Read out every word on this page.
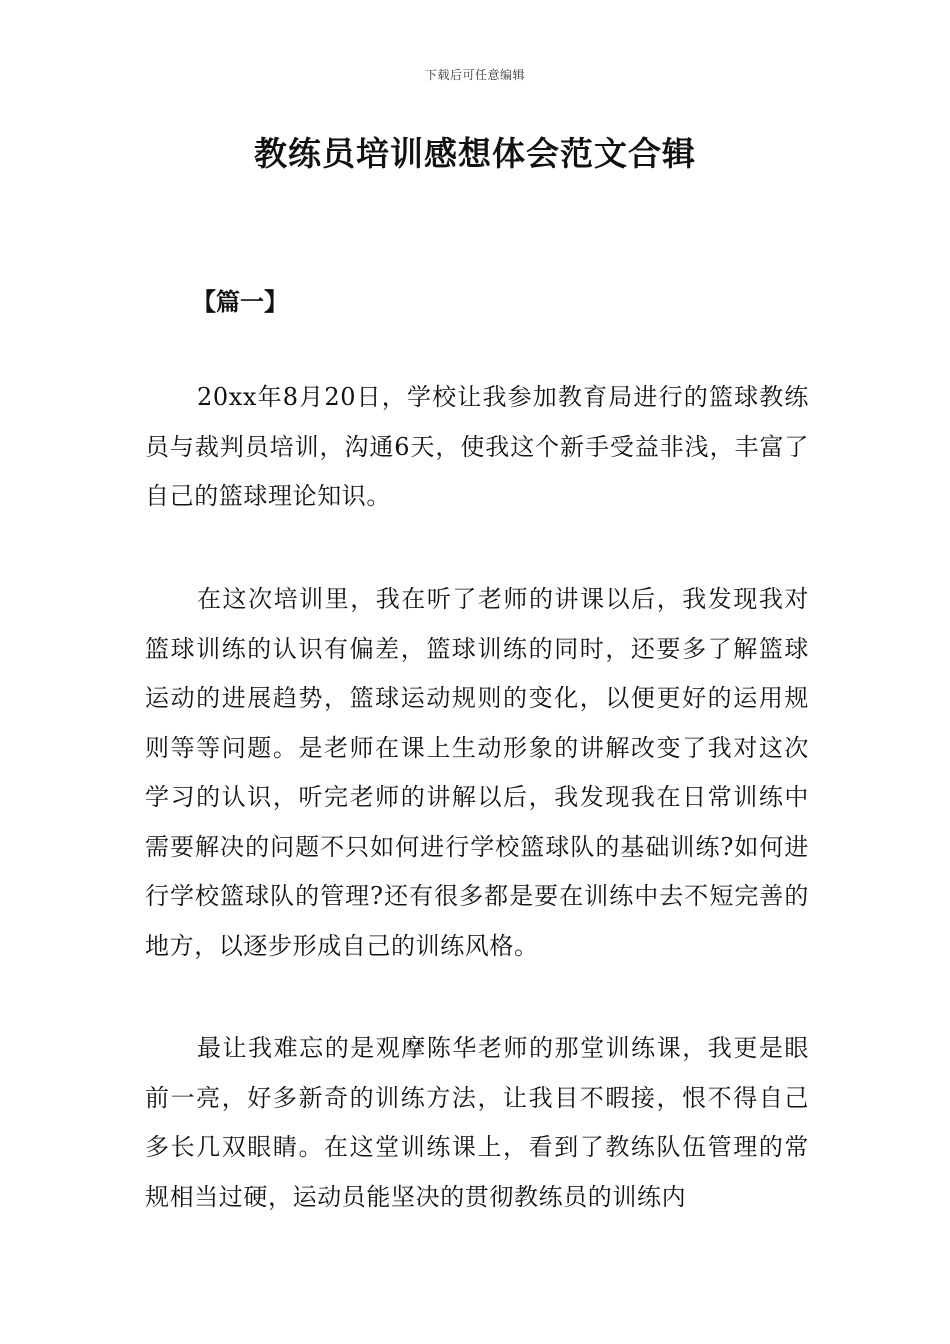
下载后可任意编辑
教练员培训感想体会范文合辑
【篇一】

20xx年8月20日，学校让我参加教育局进行的篮球教练员与裁判员培训，沟通6天，使我这个新手受益非浅，丰富了自己的篮球理论知识。

在这次培训里，我在听了老师的讲课以后，我发现我对篮球训练的认识有偏差，篮球训练的同时，还要多了解篮球运动的进展趋势，篮球运动规则的变化，以便更好的运用规则等等问题。是老师在课上生动形象的讲解改变了我对这次学习的认识，听完老师的讲解以后，我发现我在日常训练中需要解决的问题不只如何进行学校篮球队的基础训练?如何进行学校篮球队的管理?还有很多都是要在训练中去不短完善的地方，以逐步形成自己的训练风格。

最让我难忘的是观摩陈华老师的那堂训练课，我更是眼前一亮，好多新奇的训练方法，让我目不暇接，恨不得自己多长几双眼睛。在这堂训练课上，看到了教练队伍管理的常规相当过硬，运动员能坚决的贯彻教练员的训练内
